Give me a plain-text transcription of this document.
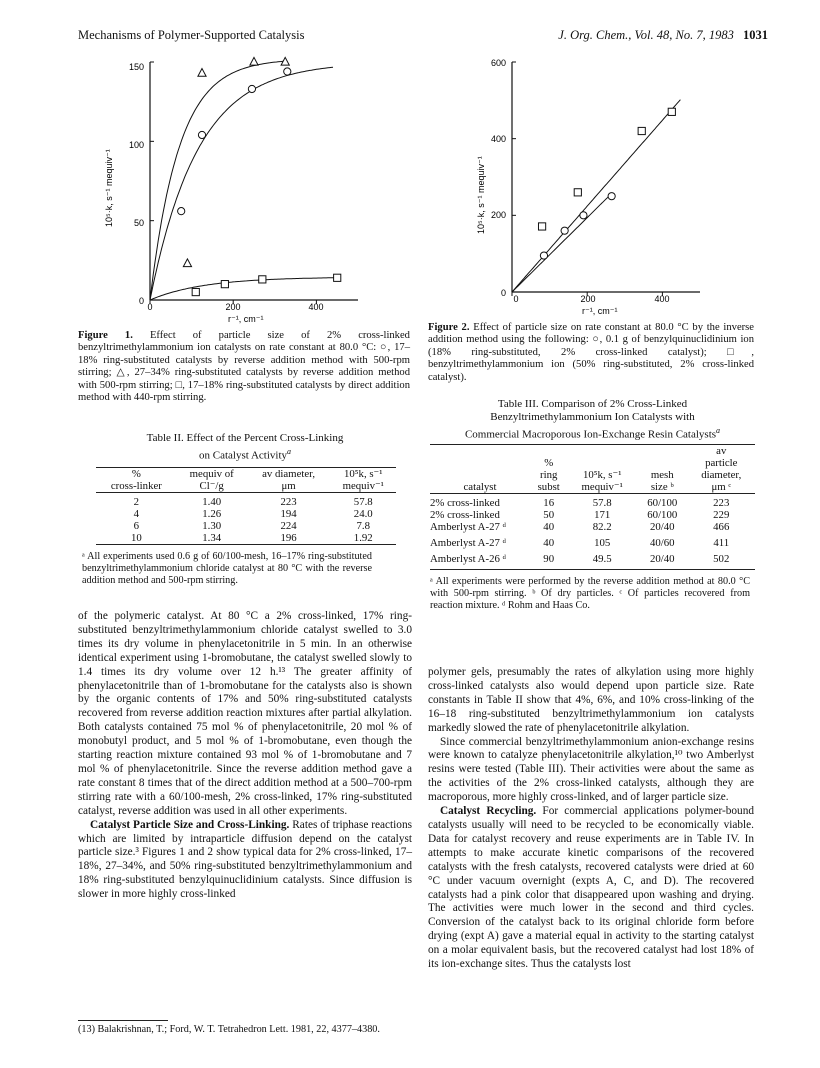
Mechanisms of Polymer-Supported Catalysis	J. Org. Chem., Vol. 48, No. 7, 1983 1031
10⁵·k, s⁻¹ mequiv⁻¹
r⁻¹, cm⁻¹
0	200	400
0
50
100
150
Figure 1. Effect of particle size of 2% cross-linked benzyltrimethylammonium ion catalysts on rate constant at 80.0 °C: ○, 17–18% ring-substituted catalysts by reverse addition method with 500-rpm stirring; △, 27–34% ring-substituted catalysts by reverse addition method with 500-rpm stirring; □, 17–18% ring-substituted catalysts by direct addition method with 440-rpm stirring.
10⁵·k, s⁻¹ mequiv⁻¹
r⁻¹, cm⁻¹
0	200	400
0
200
400
600
Figure 2. Effect of particle size on rate constant at 80.0 °C by the inverse addition method using the following: ○, 0.1 g of benzylquinuclidinium ion (18% ring-substituted, 2% cross-linked catalyst); □, benzyltrimethylammonium ion (50% ring-substituted, 2% cross-linked catalyst).
Table II. Effect of the Percent Cross-Linking
on Catalyst Activity$^a$
%
cross-linker	mequiv of
Cl⁻/g	av diameter,
μm	10⁵k, s⁻¹
mequiv⁻¹
2	1.40	223	57.8
4	1.26	194	24.0
6	1.30	224	7.8
10	1.34	196	1.92
ᵃ All experiments used 0.6 g of 60/100-mesh, 16–17% ring-substituted benzyltrimethylammonium chloride catalyst at 80 °C with the reverse addition method and 500-rpm stirring.
Table III. Comparison of 2% Cross-Linked
Benzyltrimethylammonium Ion Catalysts with
Commercial Macroporous Ion-Exchange Resin Catalysts$^a$
catalyst	%
ring
subst	10⁵k, s⁻¹
mequiv⁻¹	mesh
size ᵇ	av
particle
diameter,
μm ᶜ
2% cross-linked	16	57.8	60/100	223
2% cross-linked	50	171	60/100	229
Amberlyst A-27 ᵈ	40	82.2	20/40	466
Amberlyst A-27 ᵈ	40	105	40/60	411
Amberlyst A-26 ᵈ	90	49.5	20/40	502
ᵃ All experiments were performed by the reverse addition method at 80.0 °C with 500-rpm stirring. ᵇ Of dry particles. ᶜ Of particles recovered from reaction mixture. ᵈ Rohm and Haas Co.

of the polymeric catalyst. At 80 °C a 2% cross-linked, 17% ring-substituted benzyltrimethylammonium chloride catalyst swelled to 3.0 times its dry volume in phenylacetonitrile in 5 min. In an otherwise identical experiment using 1-bromobutane, the catalyst swelled slowly to 1.4 times its dry volume over 12 h.¹³ The greater affinity of phenylacetonitrile than of 1-bromobutane for the catalysts also is shown by the organic contents of 17% and 50% ring-substituted catalysts recovered from reverse addition reaction mixtures after partial alkylation. Both catalysts contained 75 mol % of phenylacetonitrile, 20 mol % of monobutyl product, and 5 mol % of 1-bromobutane, even though the starting reaction mixture contained 93 mol % of 1-bromobutane and 7 mol % of phenylacetonitrile. Since the reverse addition method gave a rate constant 8 times that of the direct addition method at a 500–700-rpm stirring rate with a 60/100-mesh, 2% cross-linked, 17% ring-substituted catalyst, reverse addition was used in all other experiments.

Catalyst Particle Size and Cross-Linking. Rates of triphase reactions which are limited by intraparticle diffusion depend on the catalyst particle size.³ Figures 1 and 2 show typical data for 2% cross-linked, 17–18%, 27–34%, and 50% ring-substituted benzyltrimethylammonium and 18% ring-substituted benzylquinuclidinium catalysts. Since diffusion is slower in more highly cross-linked

(13) Balakrishnan, T.; Ford, W. T. Tetrahedron Lett. 1981, 22, 4377–4380.

polymer gels, presumably the rates of alkylation using more highly cross-linked catalysts also would depend upon particle size. Rate constants in Table II show that 4%, 6%, and 10% cross-linking of the 16–18 ring-substituted benzyltrimethylammonium ion catalysts markedly slowed the rate of phenylacetonitrile alkylation.

Since commercial benzyltrimethylammonium anion-exchange resins were known to catalyze phenylacetonitrile alkylation,¹⁰ two Amberlyst resins were tested (Table III). Their activities were about the same as the activities of the 2% cross-linked catalysts, although they are macroporous, more highly cross-linked, and of larger particle size.

Catalyst Recycling. For commercial applications polymer-bound catalysts usually will need to be recycled to be economically viable. Data for catalyst recovery and reuse experiments are in Table IV. In attempts to make accurate kinetic comparisons of the recovered catalysts with the fresh catalysts, recovered catalysts were dried at 60 °C under vacuum overnight (expts A, C, and D). The recovered catalysts had a pink color that disappeared upon washing and drying. The activities were much lower in the second and third cycles. Conversion of the catalyst back to its original chloride form before drying (expt A) gave a material equal in activity to the starting catalyst on a molar equivalent basis, but the recovered catalyst had lost 18% of its ion-exchange sites. Thus the catalysts lost
